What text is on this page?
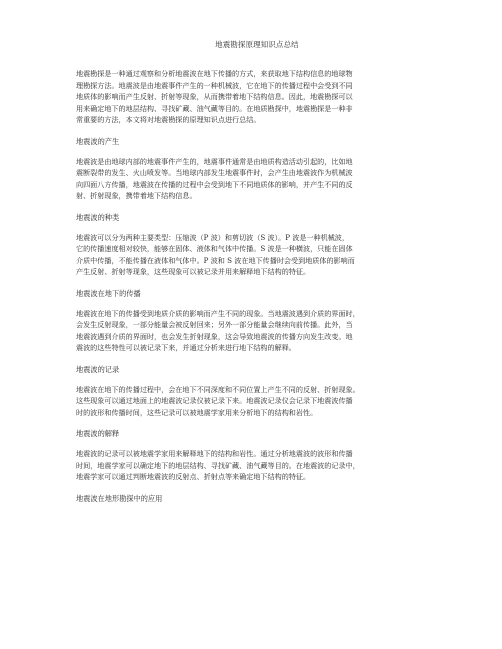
地震勘探原理知识点总结
地震勘探是一种通过观察和分析地震波在地下传播的方式，来获取地下结构信息的地球物
理勘探方法。地震波是由地震事件产生的一种机械波，它在地下的传播过程中会受到不同
地质体的影响而产生反射、折射等现象，从而携带着地下结构信息。因此，地震勘探可以
用来确定地下的地层结构、寻找矿藏、油气藏等目的。在地质勘探中，地震勘探是一种非
常重要的方法，本文将对地震勘探的原理知识点进行总结。
地震波的产生
地震波是由地球内部的地震事件产生的，地震事件通常是由地质构造活动引起的，比如地
震断裂带的发生、火山喷发等。当地球内部发生地震事件时，会产生由地震波作为机械波
向四面八方传播，地震波在传播的过程中会受到地下不同地质体的影响，并产生不同的反
射、折射现象，携带着地下结构信息。
地震波的种类
地震波可以分为两种主要类型：压缩波（P 波）和剪切波（S 波）。P 波是一种机械波，
它的传播速度相对较快，能够在固体、液体和气体中传播。S 波是一种横波，只能在固体
介质中传播，不能传播在液体和气体中。P 波和 S 波在地下传播时会受到地质体的影响而
产生反射、折射等现象，这些现象可以被记录并用来解释地下结构的特征。
地震波在地下的传播
地震波在地下的传播受到地质介质的影响而产生不同的现象。当地震波遇到介质的界面时，
会发生反射现象，一部分能量会被反射回来；另外一部分能量会继续向前传播。此外，当
地震波遇到介质的界面时，也会发生折射现象，这会导致地震波的传播方向发生改变。地
震波的这些特性可以被记录下来，并通过分析来进行地下结构的解释。
地震波的记录
地震波在地下的传播过程中，会在地下不同深度和不同位置上产生不同的反射、折射现象。
这些现象可以通过地面上的地震波记录仪被记录下来。地震波记录仪会记录下地震波传播
时的波形和传播时间，这些记录可以被地震学家用来分析地下的结构和岩性。
地震波的解释
地震波的记录可以被地震学家用来解释地下的结构和岩性。通过分析地震波的波形和传播
时间，地震学家可以确定地下的地层结构、寻找矿藏、油气藏等目的。在地震波的记录中，
地震学家可以通过判断地震波的反射点、折射点等来确定地下结构的特征。
地震波在地形勘探中的应用
